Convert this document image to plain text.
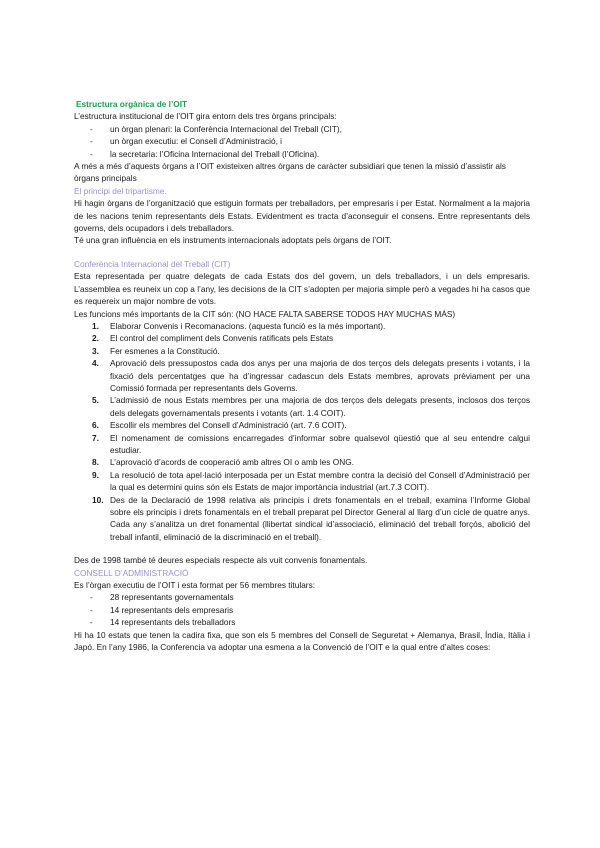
Estructura orgànica de l’OIT

L’estructura institucional de l’OIT gira entorn dels tres òrgans principals:

- un òrgan plenari: la Conferència Internacional del Treball (CIT),
- un òrgan executiu: el Consell d’Administració, i
- la secretaria: l’Oficina Internacional del Treball (l’Oficina).

A més a més d’aquests òrgans a l’OIT existeixen altres òrgans de caràcter subsidiari que tenen la missió d’assistir als òrgans principals

El principi del tripartisme.

Hi hagin òrgans de l’organització que estiguin formats per treballadors, per empresaris i per Estat. Normalment a la majoria de les nacions tenim representants dels Estats. Evidentment es tracta d’aconseguir el consens. Entre representants dels governs, dels ocupadors i dels treballadors.

Té una gran influència en els instruments internacionals adoptats pels òrgans de l’OIT.

Conferència Internacional del Treball (CIT)

Esta representada per quatre delegats de cada Estats dos del govern, un dels treballadors, i un dels empresaris. L’assemblea es reuneix un cop a l’any, les decisions de la CIT s’adopten per majoria simple però a vegades hi ha casos que es requereix un major nombre de vots.

Les funcions més importants de la CIT són: (NO HACE FALTA SABERSE TODOS HAY MUCHAS MÁS)

1. Elaborar Convenis i Recomanacions. (aquesta funció es la més important).
2. El control del compliment dels Convenis ratificats pels Estats
3. Fer esmenes a la Constitució.
4. Aprovació dels pressupostos cada dos anys per una majoria de dos terços dels delegats presents i votants, i la fixació dels percentatges que ha d’ingressar cadascun dels Estats membres, aprovats prèviament per una Comissió formada per representants dels Governs.
5. L’admissió de nous Estats membres per una majoria de dos terços dels delegats presents, inclosos dos terços dels delegats governamentals presents i votants (art. 1.4 COIT).
6. Escollir els membres del Consell d’Administració (art. 7.6 COIT).
7. El nomenament de comissions encarregades d’informar sobre qualsevol qüestió que al seu entendre calgui estudiar.
8. L’aprovació d’acords de cooperació amb altres OI o amb les ONG.
9. La resolució de tota apel·lació interposada per un Estat membre contra la decisió del Consell d’Administració per la qual es determini quins són els Estats de major importància industrial (art.7.3 COIT).
10. Des de la Declaració de 1998 relativa als principis i drets fonamentals en el treball, examina l’Informe Global sobre els principis i drets fonamentals en el treball preparat pel Director General al llarg d’un cicle de quatre anys. Cada any s’analitza un dret fonamental (llibertat sindical id’associació, eliminació del treball forçós, abolició del treball infantil, eliminació de la discriminació en el treball).

Des de 1998 també té deures especials respecte als vuit convenis fonamentals.

CONSELL D’ADMINISTRACIÓ

Es l’òrgan executiu de l’OIT i esta format per 56 membres titulars:

- 28 representants governamentals
- 14 representants dels empresaris
- 14 representants dels treballadors

Hi ha 10 estats que tenen la cadira fixa, que son els 5 membres del Consell de Seguretat + Alemanya, Brasil, Índia, Itàlia i Japó. En l’any 1986, la Conferencia va adoptar una esmena a la Convenció de l’OIT e la qual entre d’altes coses:
